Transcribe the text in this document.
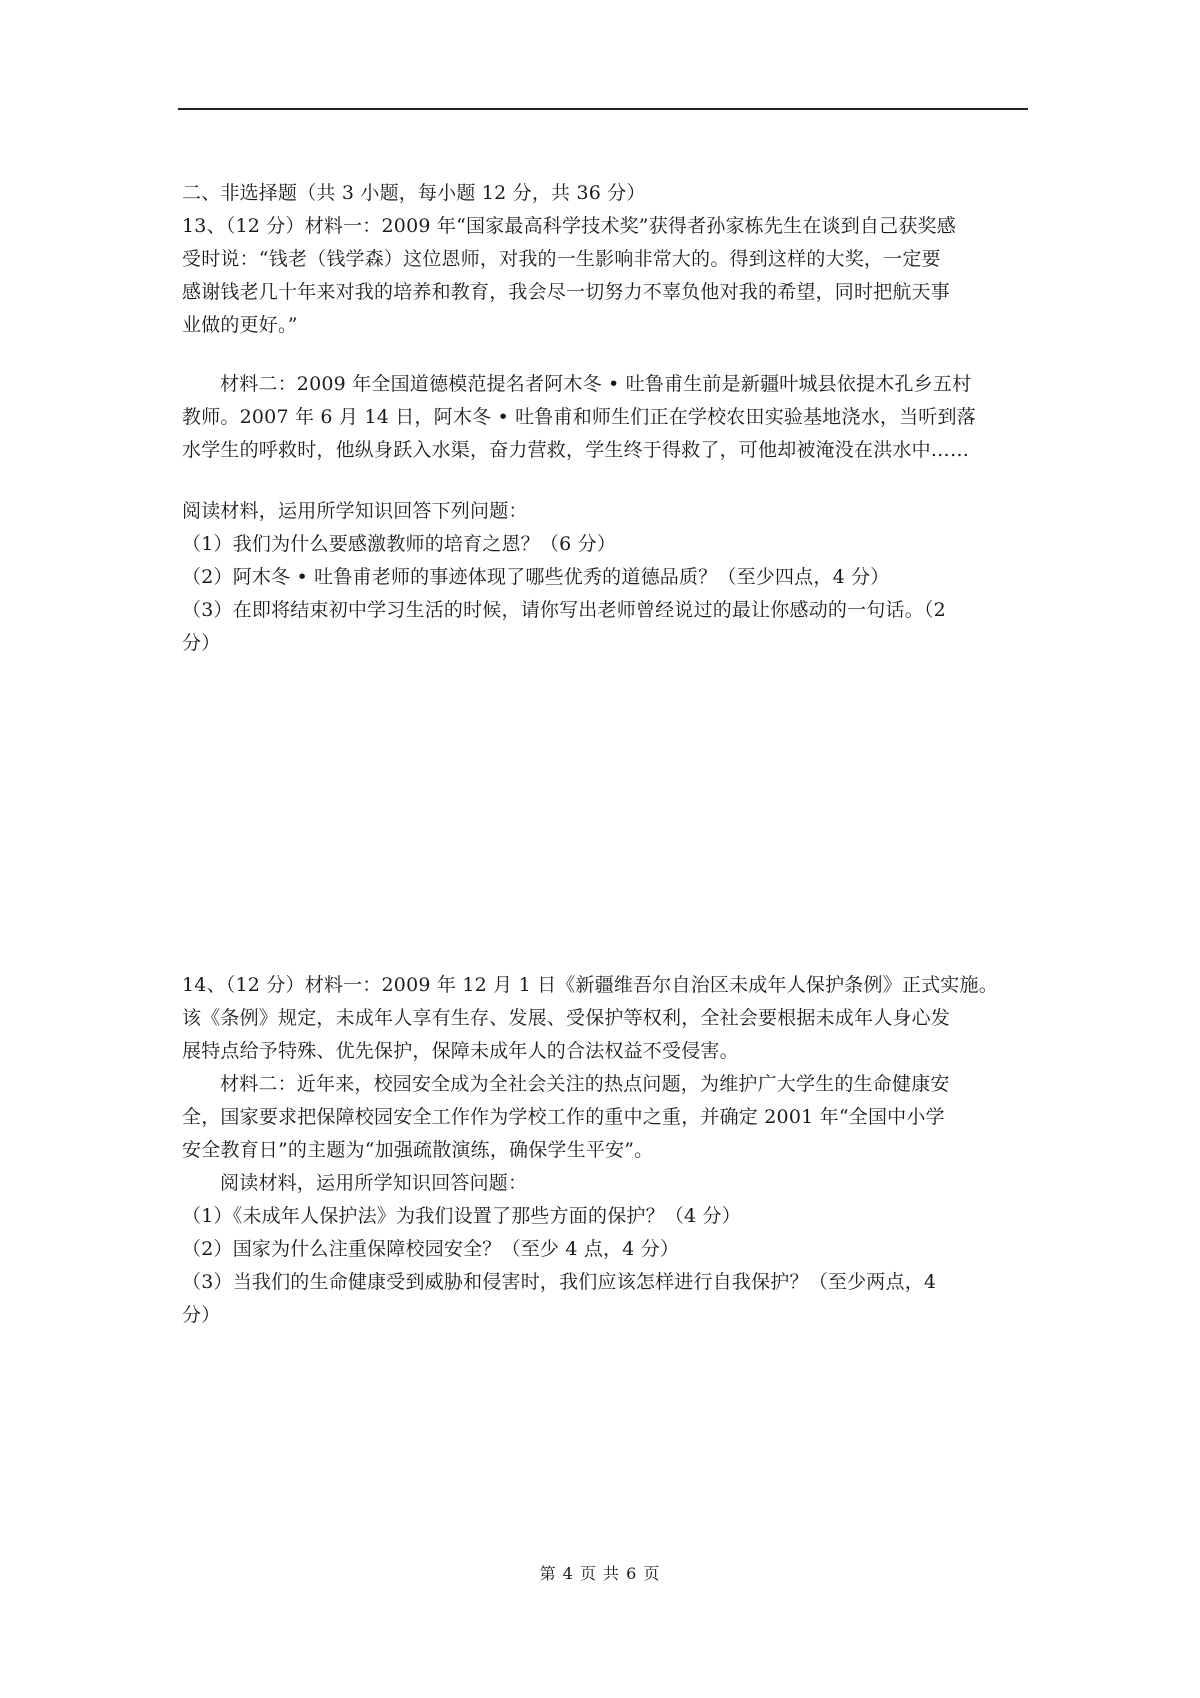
二、非选择题（共 3 小题，每小题 12 分，共 36 分）
13、（12 分）材料一：2009 年“国家最高科学技术奖”获得者孙家栋先生在谈到自己获奖感
受时说：“钱老（钱学森）这位恩师，对我的一生影响非常大的。得到这样的大奖，一定要
感谢钱老几十年来对我的培养和教育，我会尽一切努力不辜负他对我的希望，同时把航天事
业做的更好。”
材料二：2009 年全国道德模范提名者阿木冬 • 吐鲁甫生前是新疆叶城县依提木孔乡五村
教师。2007 年 6 月 14 日，阿木冬 • 吐鲁甫和师生们正在学校农田实验基地浇水，当听到落
水学生的呼救时，他纵身跃入水渠，奋力营救，学生终于得救了，可他却被淹没在洪水中……
阅读材料，运用所学知识回答下列问题：
（1）我们为什么要感激教师的培育之恩？（6 分）
（2）阿木冬 • 吐鲁甫老师的事迹体现了哪些优秀的道德品质？（至少四点，4 分）
（3）在即将结束初中学习生活的时候，请你写出老师曾经说过的最让你感动的一句话。（2
分）
14、（12 分）材料一：2009 年 12 月 1 日《新疆维吾尔自治区未成年人保护条例》正式实施。
该《条例》规定，未成年人享有生存、发展、受保护等权利，全社会要根据未成年人身心发
展特点给予特殊、优先保护，保障未成年人的合法权益不受侵害。
材料二：近年来，校园安全成为全社会关注的热点问题，为维护广大学生的生命健康安
全，国家要求把保障校园安全工作作为学校工作的重中之重，并确定 2001 年“全国中小学
安全教育日”的主题为“加强疏散演练，确保学生平安”。
阅读材料，运用所学知识回答问题：
（1）《未成年人保护法》为我们设置了那些方面的保护？（4 分）
（2）国家为什么注重保障校园安全？（至少 4 点，4 分）
（3）当我们的生命健康受到威胁和侵害时，我们应该怎样进行自我保护？（至少两点，4
分）
第 4 页 共 6 页
